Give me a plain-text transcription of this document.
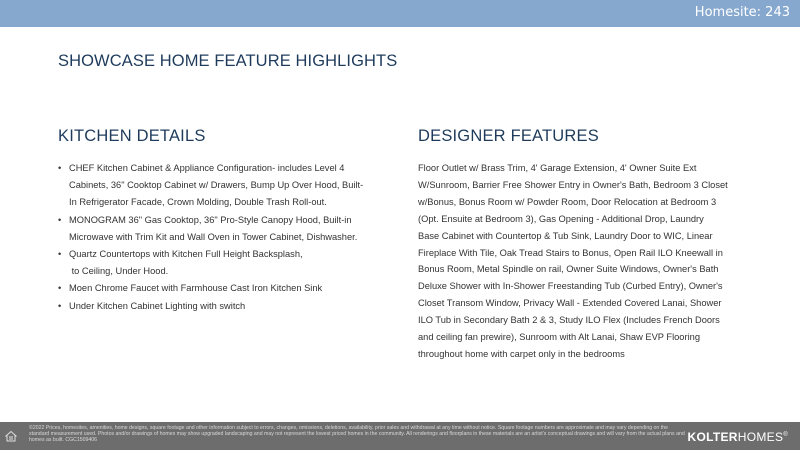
Homesite: 243
SHOWCASE HOME FEATURE HIGHLIGHTS
KITCHEN DETAILS	DESIGNER FEATURES
• CHEF Kitchen Cabinet & Appliance Configuration- includes Level 4
Cabinets, 36" Cooktop Cabinet w/ Drawers, Bump Up Over Hood, Built-
In Refrigerator Facade, Crown Molding, Double Trash Roll-out.
• MONOGRAM 36" Gas Cooktop, 36" Pro-Style Canopy Hood, Built-in
Microwave with Trim Kit and Wall Oven in Tower Cabinet, Dishwasher.
• Quartz Countertops with Kitchen Full Height Backsplash,
to Ceiling, Under Hood.
• Moen Chrome Faucet with Farmhouse Cast Iron Kitchen Sink
• Under Kitchen Cabinet Lighting with switch
Floor Outlet w/ Brass Trim, 4' Garage Extension, 4' Owner Suite Ext
W/Sunroom, Barrier Free Shower Entry in Owner's Bath, Bedroom 3 Closet
w/Bonus, Bonus Room w/ Powder Room, Door Relocation at Bedroom 3
(Opt. Ensuite at Bedroom 3), Gas Opening - Additional Drop, Laundry
Base Cabinet with Countertop & Tub Sink, Laundry Door to WIC, Linear
Fireplace With Tile, Oak Tread Stairs to Bonus, Open Rail ILO Kneewall in
Bonus Room, Metal Spindle on rail, Owner Suite Windows, Owner's Bath
Deluxe Shower with In-Shower Freestanding Tub (Curbed Entry), Owner's
Closet Transom Window, Privacy Wall - Extended Covered Lanai, Shower
ILO Tub in Secondary Bath 2 & 3, Study ILO Flex (Includes French Doors
and ceiling fan prewire), Sunroom with Alt Lanai, Shaw EVP Flooring
throughout home with carpet only in the bedrooms
©2022 Prices, homesites, amenities, home designs, square footage and other information subject to errors, changes, omissions, deletions, availability, prior sales and withdrawal at any time without notice. Square footage numbers are approximate and may vary depending on the standard measurement used. Photos and/or drawings of homes may show upgraded landscaping and may not represent the lowest priced homes in the community. All renderings and floorplans in these materials are an artist's conceptual drawings and will vary from the actual plans and homes as built. CGC1509406	KOLTERHOMES®
